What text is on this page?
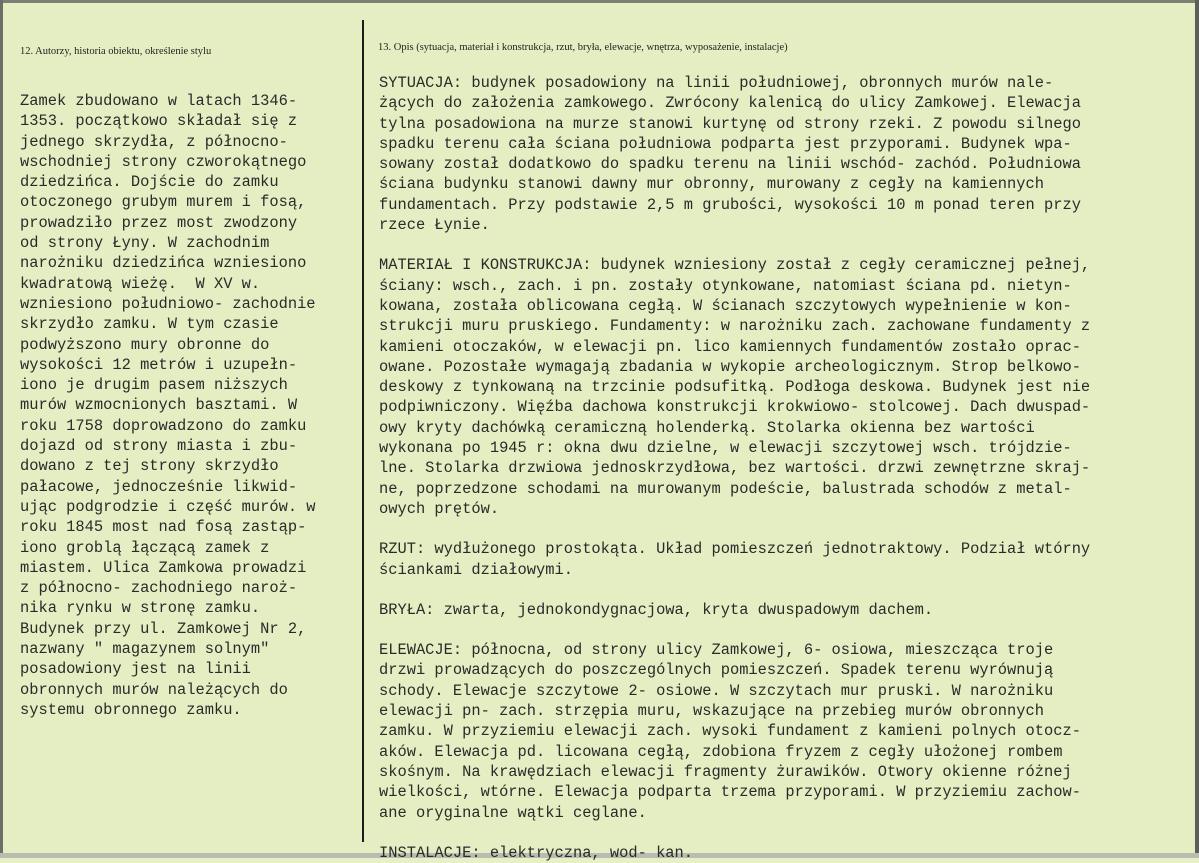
12. Autorzy, historia obiektu, określenie stylu	13. Opis (sytuacja, materiał i konstrukcja, rzut, bryła, elewacje, wnętrza, wyposażenie, instalacje)
Zamek zbudowano w latach 1346-
1353. początkowo składał się z
jednego skrzydła, z północno-
wschodniej strony czworokątnego
dziedzińca. Dojście do zamku
otoczonego grubym murem i fosą,
prowadziło przez most zwodzony
od strony Łyny. W zachodnim
narożniku dziedzińca wzniesiono
kwadratową wieżę.  W XV w.
wzniesiono południowo- zachodnie
skrzydło zamku. W tym czasie
podwyższono mury obronne do
wysokości 12 metrów i uzupełn-
iono je drugim pasem niższych
murów wzmocnionych basztami. W
roku 1758 doprowadzono do zamku
dojazd od strony miasta i zbu-
dowano z tej strony skrzydło
pałacowe, jednocześnie likwid-
ując podgrodzie i część murów. w
roku 1845 most nad fosą zastąp-
iono groblą łączącą zamek z
miastem. Ulica Zamkowa prowadzi
z północno- zachodniego naroż-
nika rynku w stronę zamku.
Budynek przy ul. Zamkowej Nr 2,
nazwany " magazynem solnym"
posadowiony jest na linii
obronnych murów należących do
systemu obronnego zamku.
SYTUACJA: budynek posadowiony na linii południowej, obronnych murów nale-
żących do założenia zamkowego. Zwrócony kalenicą do ulicy Zamkowej. Elewacja
tylna posadowiona na murze stanowi kurtynę od strony rzeki. Z powodu silnego
spadku terenu cała ściana południowa podparta jest przyporami. Budynek wpa-
sowany został dodatkowo do spadku terenu na linii wschód- zachód. Południowa
ściana budynku stanowi dawny mur obronny, murowany z cegły na kamiennych
fundamentach. Przy podstawie 2,5 m grubości, wysokości 10 m ponad teren przy
rzece Łynie.
MATERIAŁ I KONSTRUKCJA: budynek wzniesiony został z cegły ceramicznej pełnej,
ściany: wsch., zach. i pn. zostały otynkowane, natomiast ściana pd. nietyn-
kowana, została oblicowana cegłą. W ścianach szczytowych wypełnienie w kon-
strukcji muru pruskiego. Fundamenty: w narożniku zach. zachowane fundamenty z
kamieni otoczaków, w elewacji pn. lico kamiennych fundamentów zostało oprac-
owane. Pozostałe wymagają zbadania w wykopie archeologicznym. Strop belkowo-
deskowy z tynkowaną na trzcinie podsufitką. Podłoga deskowa. Budynek jest nie
podpiwniczony. Więźba dachowa konstrukcji krokwiowo- stolcowej. Dach dwuspad-
owy kryty dachówką ceramiczną holenderką. Stolarka okienna bez wartości
wykonana po 1945 r: okna dwu dzielne, w elewacji szczytowej wsch. trójdzie-
lne. Stolarka drzwiowa jednoskrzydłowa, bez wartości. drzwi zewnętrzne skraj-
ne, poprzedzone schodami na murowanym podeście, balustrada schodów z metal-
owych prętów.
RZUT: wydłużonego prostokąta. Układ pomieszczeń jednotraktowy. Podział wtórny
ściankami działowymi.
BRYŁA: zwarta, jednokondygnacjowa, kryta dwuspadowym dachem.
ELEWACJE: północna, od strony ulicy Zamkowej, 6- osiowa, mieszcząca troje
drzwi prowadzących do poszczególnych pomieszczeń. Spadek terenu wyrównują
schody. Elewacje szczytowe 2- osiowe. W szczytach mur pruski. W narożniku
elewacji pn- zach. strzępia muru, wskazujące na przebieg murów obronnych
zamku. W przyziemiu elewacji zach. wysoki fundament z kamieni polnych otocz-
aków. Elewacja pd. licowana cegłą, zdobiona fryzem z cegły ułożonej rombem
skośnym. Na krawędziach elewacji fragmenty żurawików. Otwory okienne różnej
wielkości, wtórne. Elewacja podparta trzema przyporami. W przyziemiu zachow-
ane oryginalne wątki ceglane.
INSTALACJE: elektryczna, wod- kan.
